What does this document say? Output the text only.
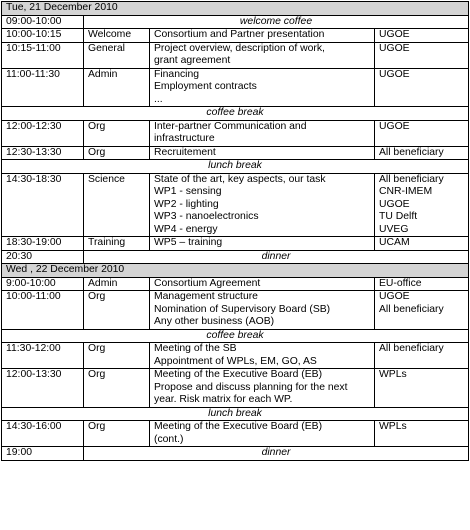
Tue, 21 December 2010			
09:00-10:00	welcome coffee		
10:00-10:15	Welcome	Consortium and Partner presentation	UGOE

10:15-11:00	General	Project overview, description of work,
grant agreement	UGOE

11:00-11:30	Admin	Financing
Employment contracts
...	UGOE

coffee break			
12:00-12:30	Org	Inter-partner Communication and
infrastructure	UGOE

12:30-13:30	Org	Recruitement	All beneficiary

lunch break			
14:30-18:30	Science	State of the art, key aspects, our task
WP1 - sensing
WP2 - lighting
WP3 - nanoelectronics
WP4 - energy	All beneficiary
CNR-IMEM
UGOE
TU Delft
UVEG

18:30-19:00	Training	WP5 – training	UCAM

20:30	dinner		
Wed , 22 December 2010			
9:00-10:00	Admin	Consortium Agreement	EU-office

10:00-11:00	Org	Management structure
Nomination of Supervisory Board (SB)
Any other business (AOB)	UGOE
All beneficiary

coffee break			
11:30-12:00	Org	Meeting of the SB
Appointment of WPLs, EM, GO, AS	All beneficiary

12:00-13:30	Org	Meeting of the Executive Board (EB)
Propose and discuss planning for the next
year. Risk matrix for each WP.	WPLs

lunch break			
14:30-16:00	Org	Meeting of the Executive Board (EB)
(cont.)	WPLs

19:00	dinner		
